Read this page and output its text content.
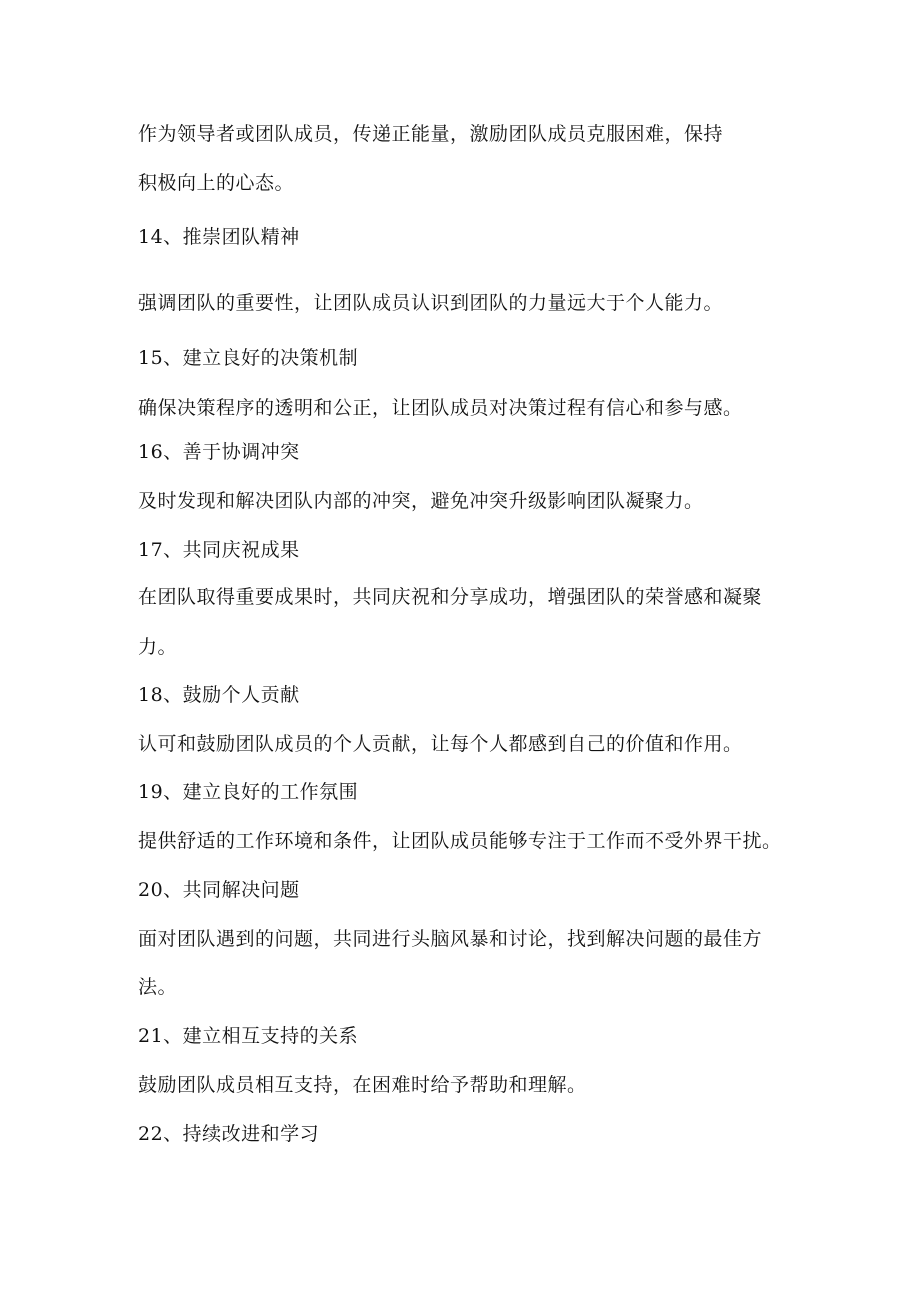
作为领导者或团队成员，传递正能量，激励团队成员克服困难，保持

积极向上的心态。

14、推崇团队精神

强调团队的重要性，让团队成员认识到团队的力量远大于个人能力。

15、建立良好的决策机制

确保决策程序的透明和公正，让团队成员对决策过程有信心和参与感。

16、善于协调冲突

及时发现和解决团队内部的冲突，避免冲突升级影响团队凝聚力。

17、共同庆祝成果

在团队取得重要成果时，共同庆祝和分享成功，增强团队的荣誉感和凝聚

力。

18、鼓励个人贡献

认可和鼓励团队成员的个人贡献，让每个人都感到自己的价值和作用。

19、建立良好的工作氛围

提供舒适的工作环境和条件，让团队成员能够专注于工作而不受外界干扰。

20、共同解决问题

面对团队遇到的问题，共同进行头脑风暴和讨论，找到解决问题的最佳方

法。

21、建立相互支持的关系

鼓励团队成员相互支持，在困难时给予帮助和理解。

22、持续改进和学习
